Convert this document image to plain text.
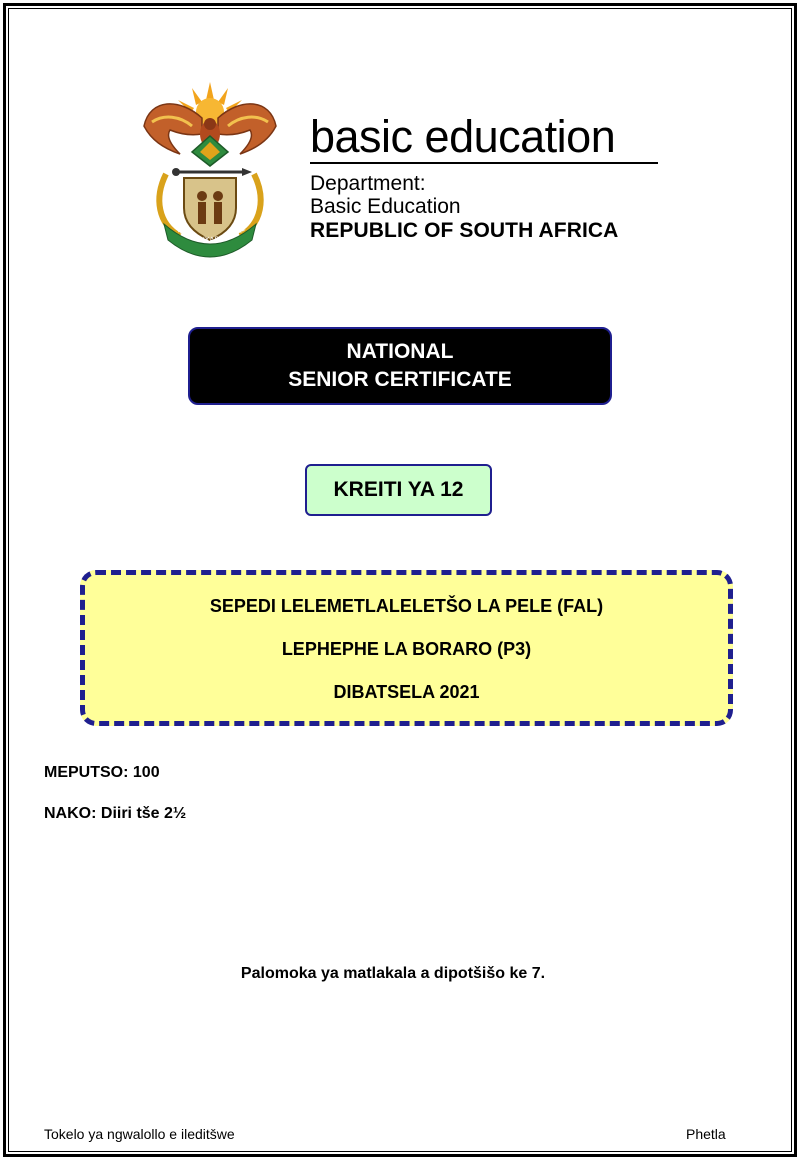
!KE E: /XARRA //KE
basic education
Department:
Basic Education
REPUBLIC OF SOUTH AFRICA
NATIONAL
SENIOR CERTIFICATE
KREITI YA 12
SEPEDI LELEMETLALELETŠO LA PELE (FAL)
LEPHEPHE LA BORARO (P3)
DIBATSELA 2021
MEPUTSO: 100
NAKO: Diiri tše 2½
Palomoka ya matlakala a dipotšišo ke 7.
Tokelo ya ngwalollo e ileditšwe	Phetla
